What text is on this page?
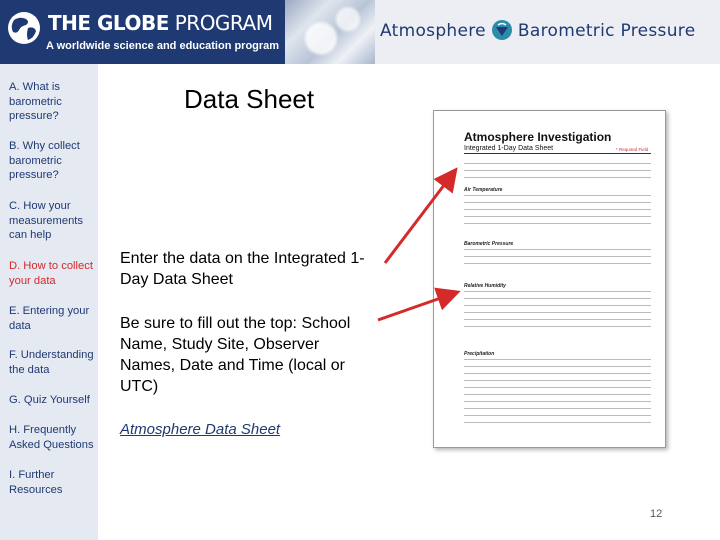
THE GLOBE PROGRAM
A worldwide science and education program
Atmosphere Barometric Pressure
A. What is barometric pressure?
B. Why collect barometric pressure?
C. How your measurements can help
D. How to collect your data
E. Entering your data
F. Understanding the data
G. Quiz Yourself
H. Frequently Asked Questions
I. Further Resources
Data Sheet
Enter the data on the Integrated 1-Day Data Sheet
Be sure to fill out the top: School Name, Study Site, Observer Names, Date and Time (local or UTC)
Atmosphere Data Sheet
Atmosphere Investigation
Integrated 1-Day Data Sheet	* Required Field
Air Temperature
Barometric Pressure
Relative Humidity
Precipitation
12
